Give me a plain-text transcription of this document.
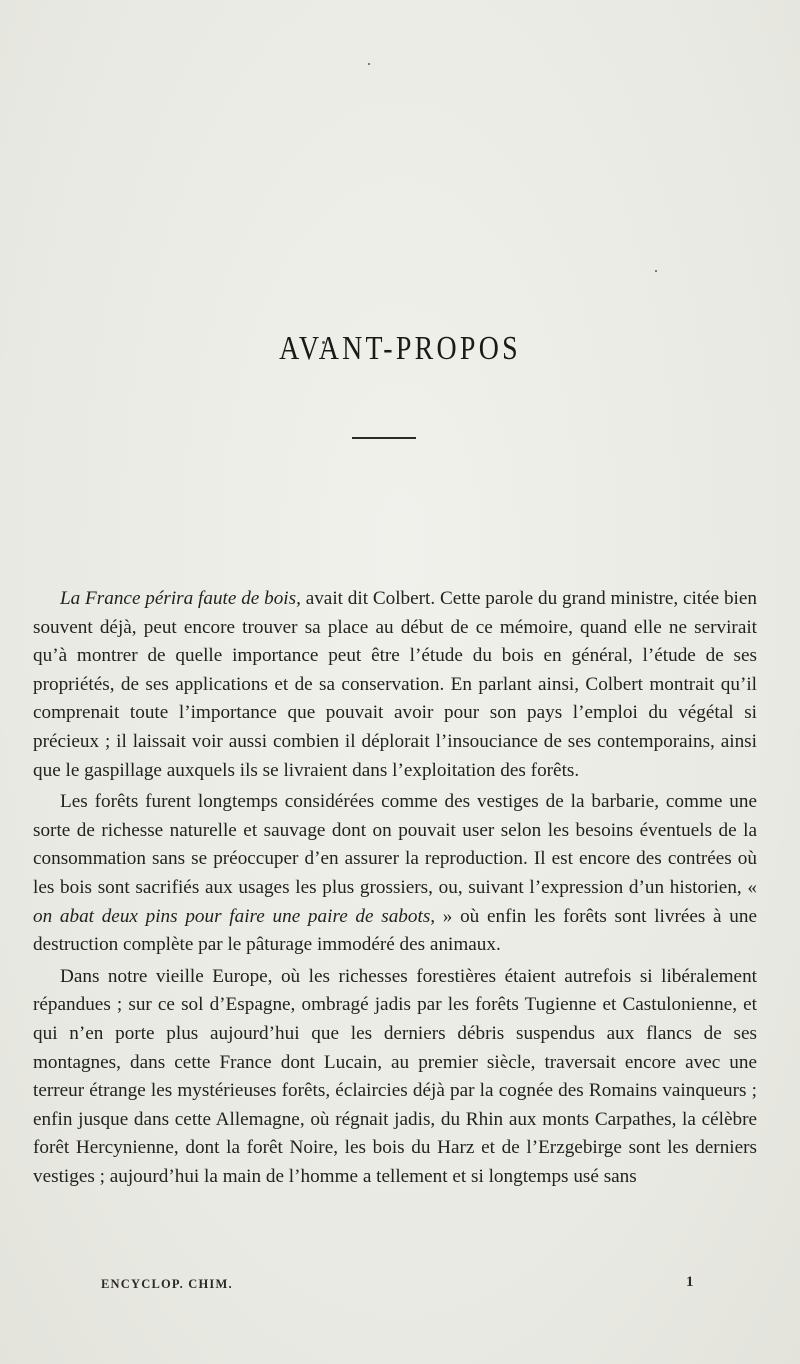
AVANT-PROPOS

La France périra faute de bois, avait dit Colbert. Cette parole du grand ministre, citée bien souvent déjà, peut encore trouver sa place au début de ce mémoire, quand elle ne servirait qu’à montrer de quelle importance peut être l’étude du bois en général, l’étude de ses propriétés, de ses applications et de sa conservation. En parlant ainsi, Colbert montrait qu’il comprenait toute l’importance que pouvait avoir pour son pays l’emploi du végétal si précieux ; il laissait voir aussi combien il déplorait l’insouciance de ses contemporains, ainsi que le gaspillage auxquels ils se livraient dans l’exploitation des forêts.

Les forêts furent longtemps considérées comme des vestiges de la barbarie, comme une sorte de richesse naturelle et sauvage dont on pouvait user selon les besoins éventuels de la consommation sans se préoccuper d’en assurer la reproduction. Il est encore des contrées où les bois sont sacrifiés aux usages les plus grossiers, ou, suivant l’expression d’un historien, « on abat deux pins pour faire une paire de sabots, » où enfin les forêts sont livrées à une destruction complète par le pâturage immodéré des animaux.

Dans notre vieille Europe, où les richesses forestières étaient autrefois si libéralement répandues ; sur ce sol d’Espagne, ombragé jadis par les forêts Tugienne et Castulonienne, et qui n’en porte plus aujourd’hui que les derniers débris suspendus aux flancs de ses montagnes, dans cette France dont Lucain, au premier siècle, traversait encore avec une terreur étrange les mystérieuses forêts, éclaircies déjà par la cognée des Romains vainqueurs ; enfin jusque dans cette Allemagne, où régnait jadis, du Rhin aux monts Carpathes, la célèbre forêt Hercynienne, dont la forêt Noire, les bois du Harz et de l’Erzgebirge sont les derniers vestiges ; aujourd’hui la main de l’homme a tellement et si longtemps usé sans

ENCYCLOP. CHIM.	1
